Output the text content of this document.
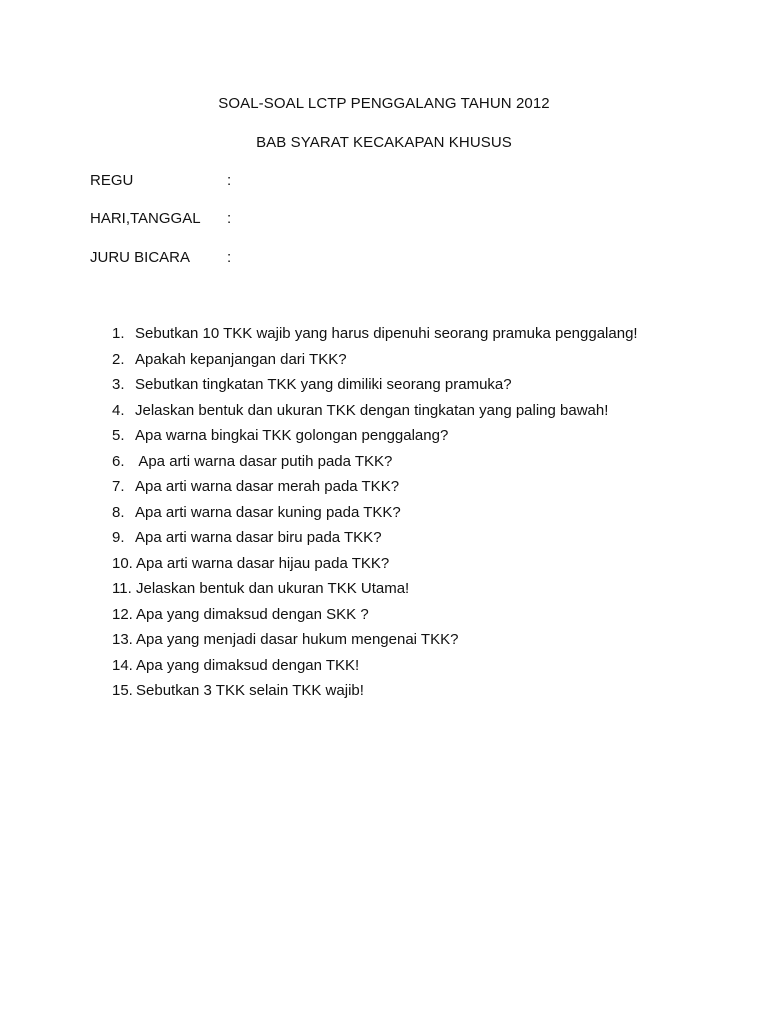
SOAL-SOAL LCTP PENGGALANG TAHUN 2012
BAB SYARAT KECAKAPAN KHUSUS
REGU	:
HARI,TANGGAL :
JURU BICARA :
1. Sebutkan 10 TKK wajib yang harus dipenuhi seorang pramuka penggalang!
2. Apakah kepanjangan dari TKK?
3. Sebutkan tingkatan TKK yang dimiliki seorang pramuka?
4. Jelaskan bentuk dan ukuran TKK dengan tingkatan yang paling bawah!
5. Apa warna bingkai TKK golongan penggalang?
6. Apa arti warna dasar putih pada TKK?
7. Apa arti warna dasar merah pada TKK?
8. Apa arti warna dasar kuning pada TKK?
9. Apa arti warna dasar biru pada TKK?
10. Apa arti warna dasar hijau pada TKK?
11. Jelaskan bentuk dan ukuran TKK Utama!
12. Apa yang dimaksud dengan SKK ?
13. Apa yang menjadi dasar hukum mengenai TKK?
14. Apa yang dimaksud dengan TKK!
15. Sebutkan 3 TKK selain TKK wajib!
